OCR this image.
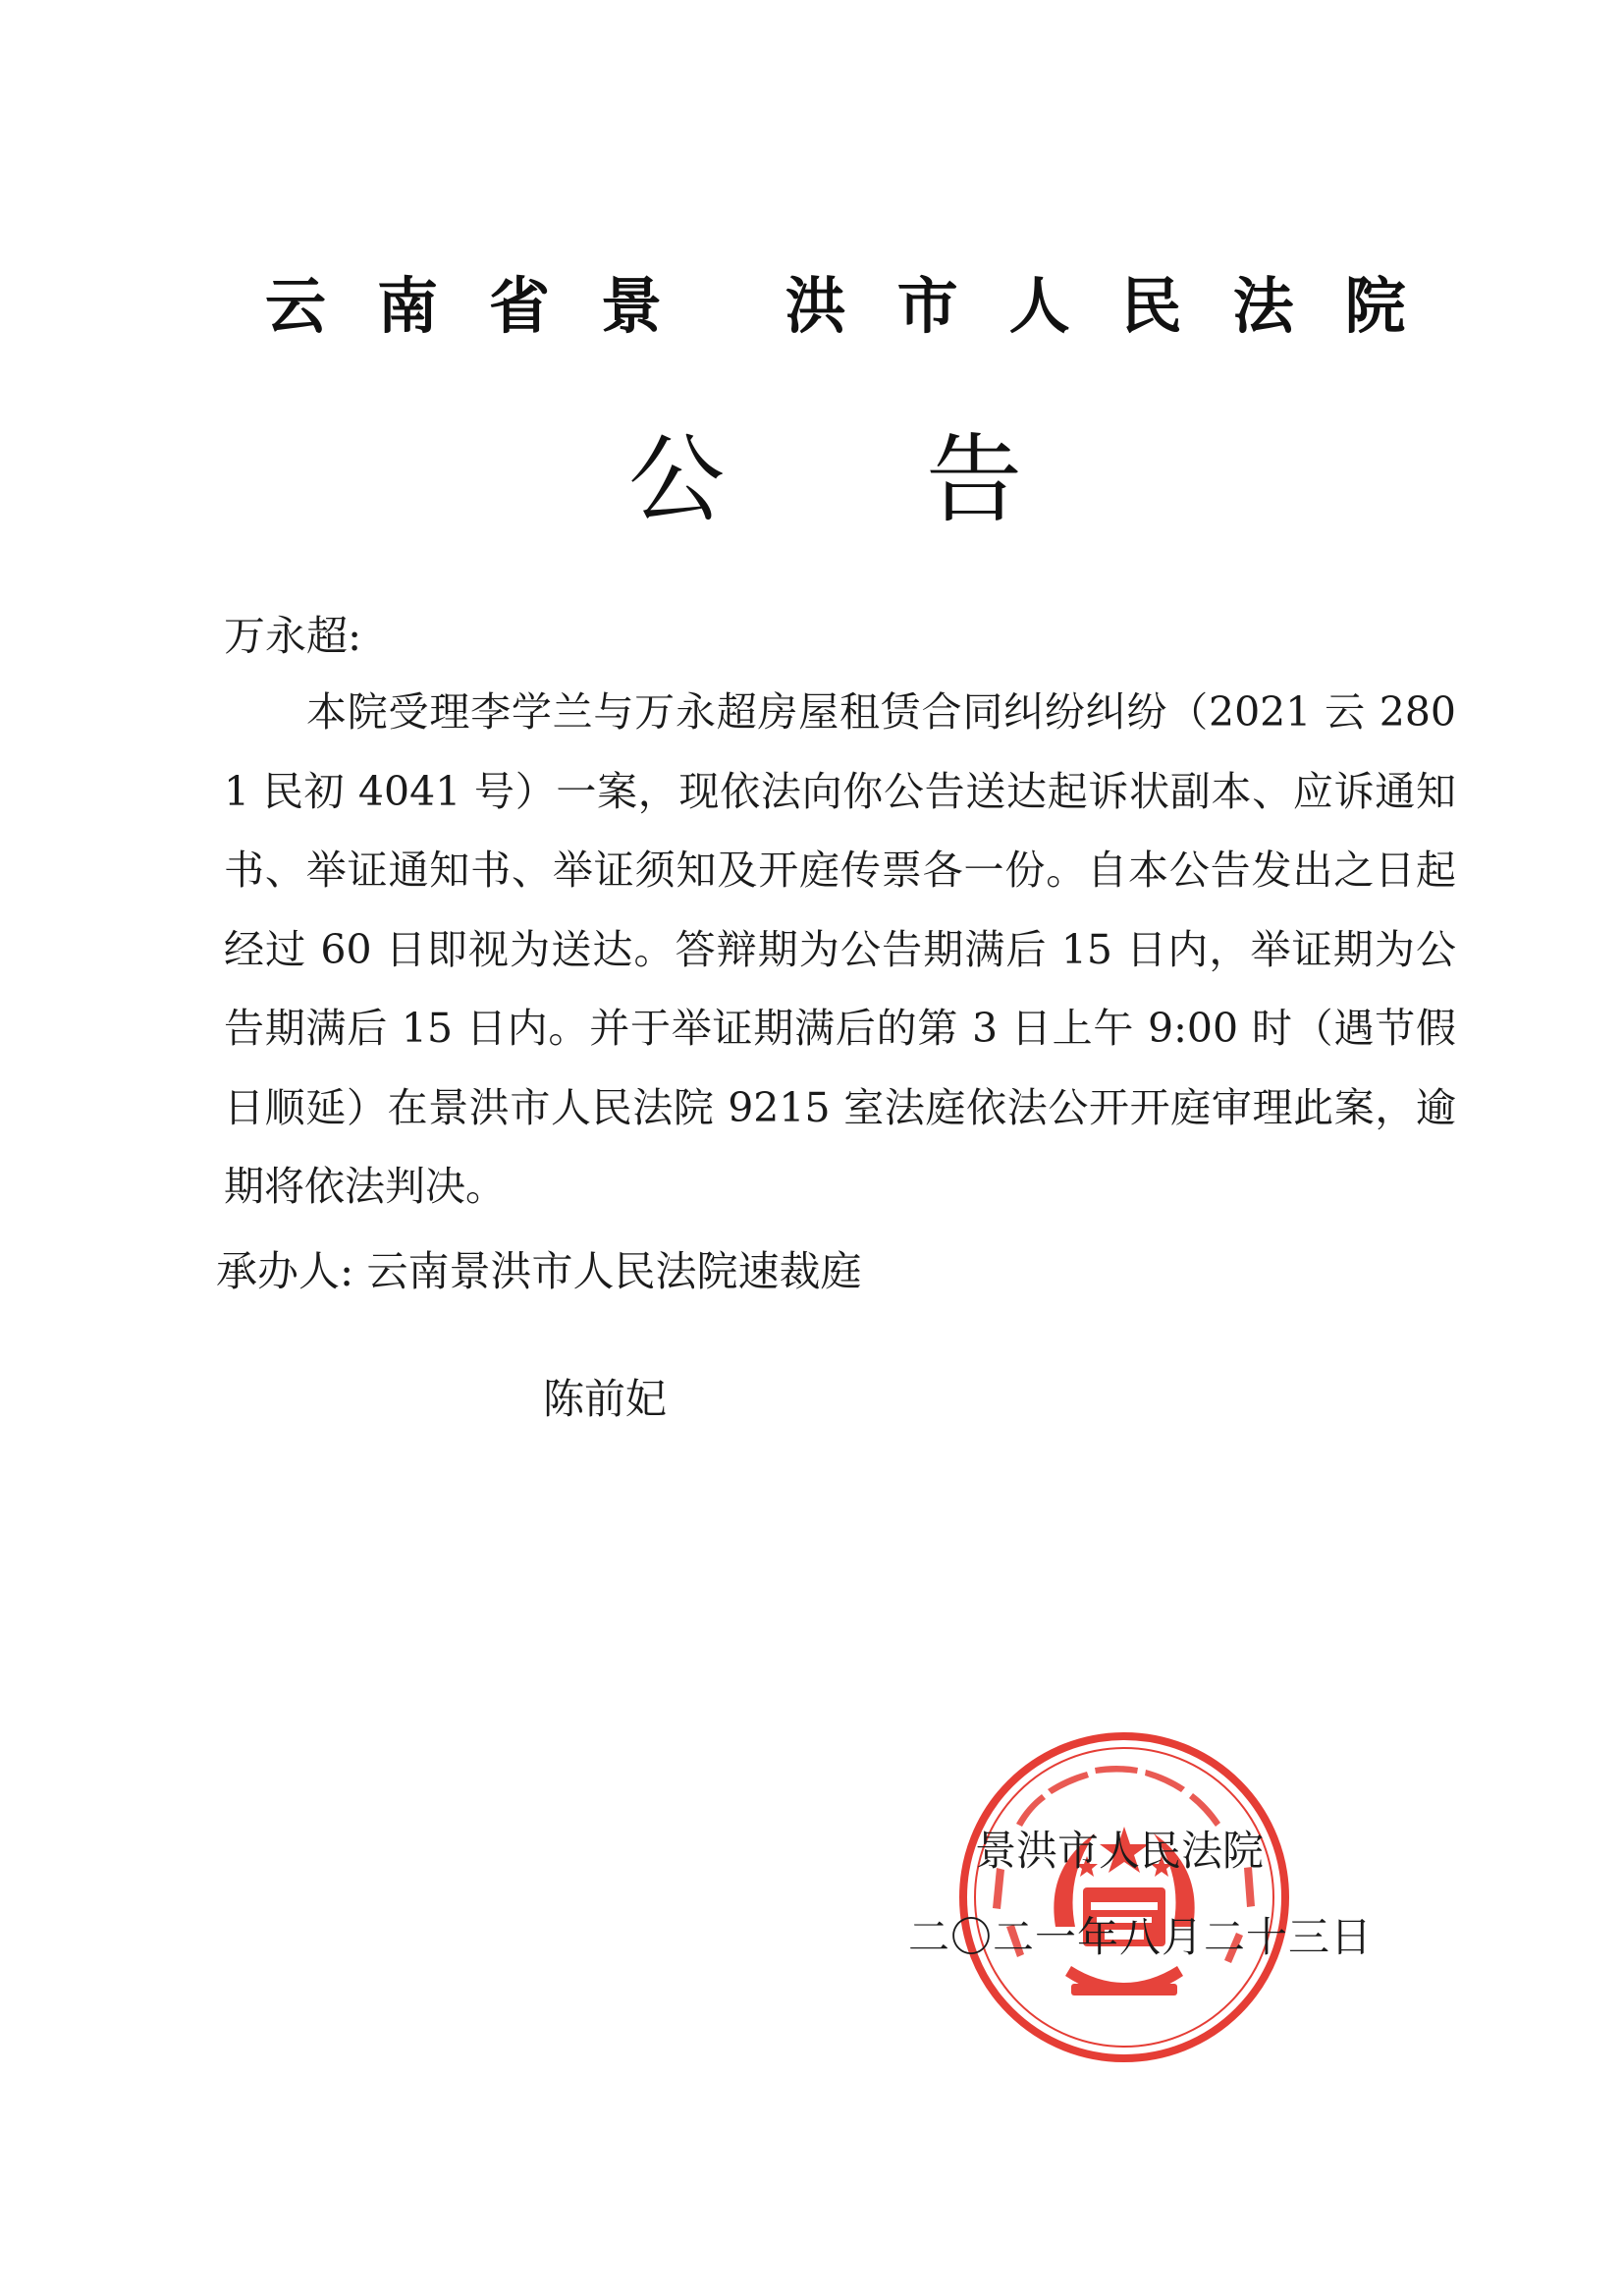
云南省景 洪市人民法院
公告
万永超:
本院受理李学兰与万永超房屋租赁合同纠纷纠纷（2021 云 2801 民初 4041 号）一案，现依法向你公告送达起诉状副本、应诉通知书、举证通知书、举证须知及开庭传票各一份。自本公告发出之日起经过 60 日即视为送达。答辩期为公告期满后 15 日内，举证期为公告期满后 15 日内。并于举证期满后的第 3 日上午 9:00 时（遇节假日顺延）在景洪市人民法院 9215 室法庭依法公开开庭审理此案，逾期将依法判决。
承办人: 云南景洪市人民法院速裁庭
陈前妃
景洪市人民法院
二〇二一年八月二十三日
